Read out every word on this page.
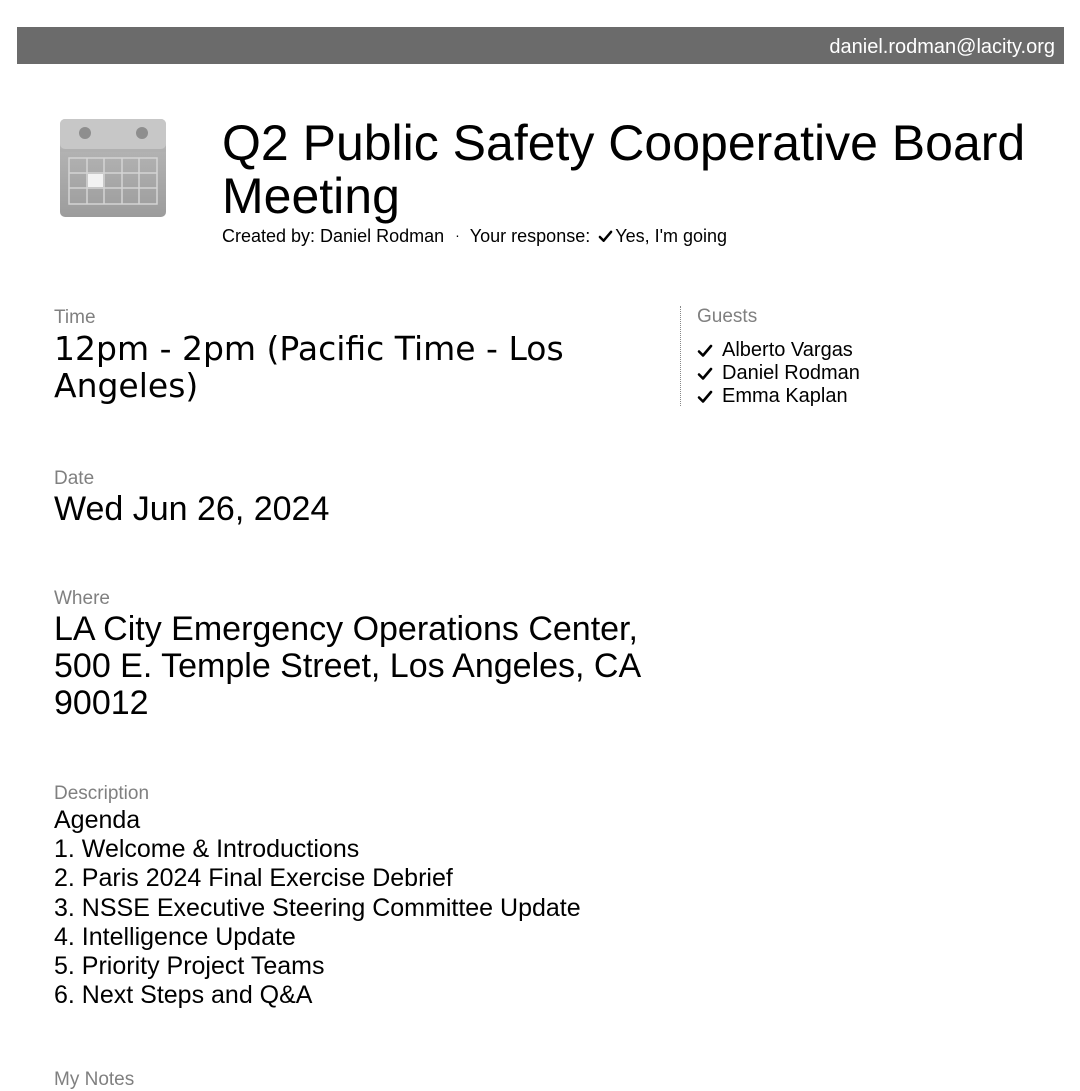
daniel.rodman@lacity.org
Q2 Public Safety Cooperative Board Meeting
Created by: Daniel Rodman · Your response: Yes, I'm going
Time
12pm - 2pm (Pacific Time - Los Angeles)
Guests
Alberto Vargas
Daniel Rodman
Emma Kaplan
Date
Wed Jun 26, 2024
Where
LA City Emergency Operations Center, 500 E. Temple Street, Los Angeles, CA 90012
Description
Agenda
1. Welcome & Introductions
2. Paris 2024 Final Exercise Debrief
3. NSSE Executive Steering Committee Update
4. Intelligence Update
5. Priority Project Teams
6. Next Steps and Q&A
My Notes
